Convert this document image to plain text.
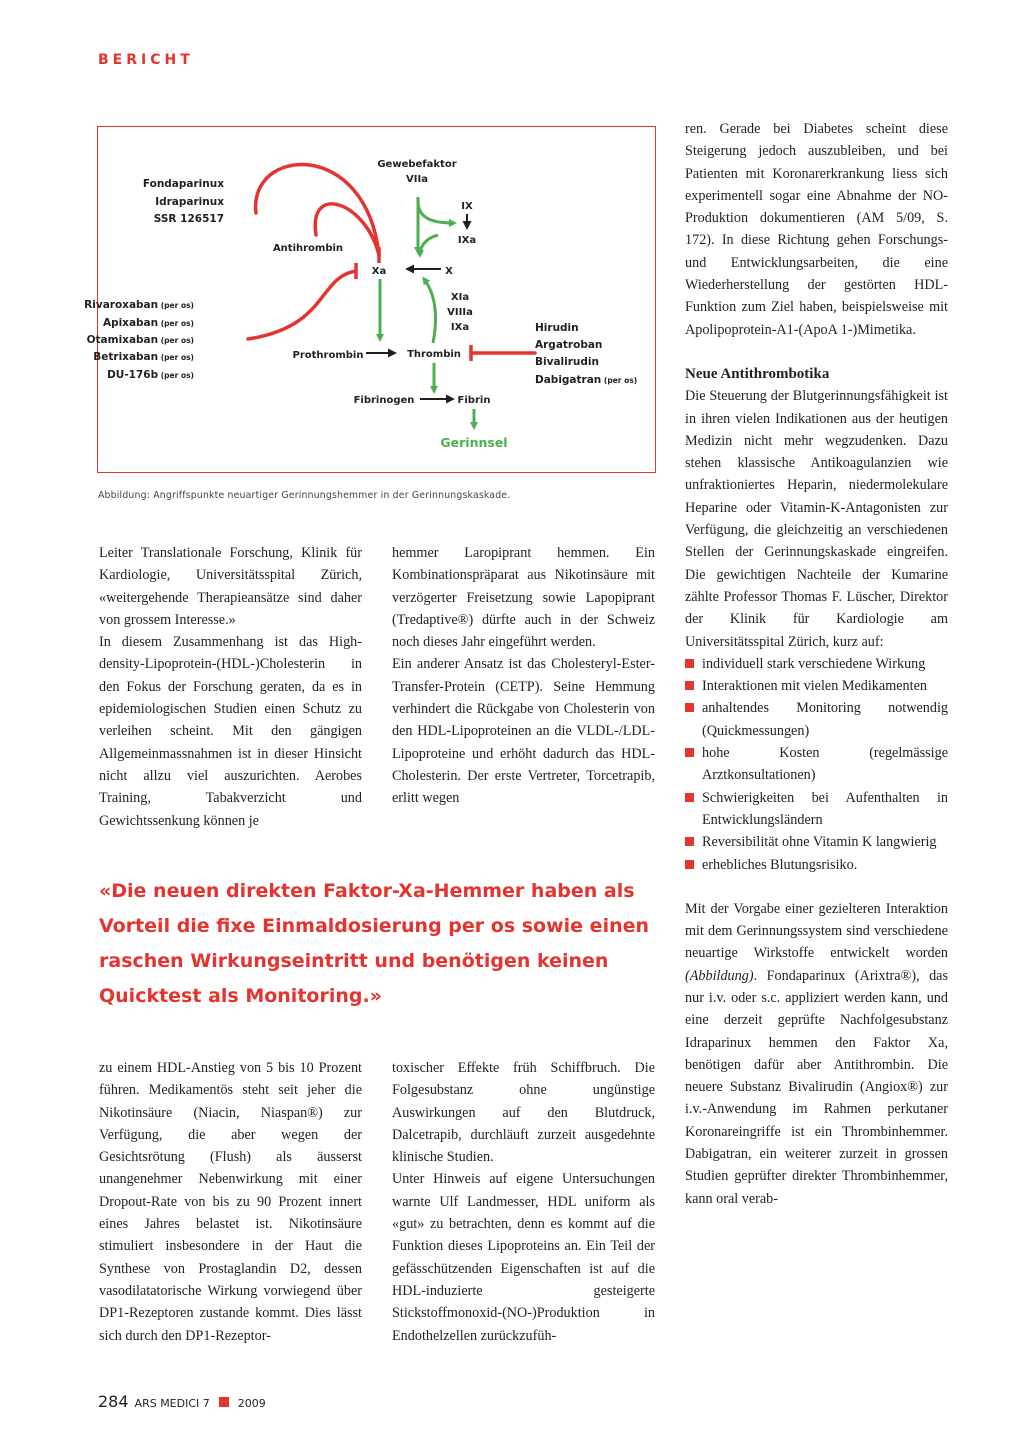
BERICHT
Gewebefaktor
VIIa
IX
IXa
Xa	X
XIa
VIIIa
IXa
Antihrombin
Prothrombin	Thrombin
Fibrinogen	Fibrin
Gerinnsel
Fondaparinux
Idraparinux
SSR 126517
Rivaroxaban (per os)
Apixaban (per os)
Otamixaban (per os)
Betrixaban (per os)
DU-176b (per os)
Hirudin
Argatroban
Bivalirudin
Dabigatran (per os)
Abbildung: Angriffspunkte neuartiger Gerinnungshemmer in der Gerinnungskaskade.

Leiter Translationale Forschung, Klinik für Kardiologie, Universitätsspital Zürich, «weitergehende Therapieansätze sind daher von grossem Interesse.»

In diesem Zusammenhang ist das High-density-Lipoprotein-(HDL-)Cholesterin in den Fokus der Forschung geraten, da es in epidemiologischen Studien einen Schutz zu verleihen scheint. Mit den gängigen Allgemeinmassnahmen ist in dieser Hinsicht nicht allzu viel auszurichten. Aerobes Training, Tabakverzicht und Gewichtssenkung können je

hemmer Laropiprant hemmen. Ein Kombinationspräparat aus Nikotinsäure mit verzögerter Freisetzung sowie Lapopiprant (Tredaptive®) dürfte auch in der Schweiz noch dieses Jahr eingeführt werden.

Ein anderer Ansatz ist das Cholesteryl-Ester-Transfer-Protein (CETP). Seine Hemmung verhindert die Rückgabe von Cholesterin von den HDL-Lipoproteinen an die VLDL-/LDL-Lipoproteine und erhöht dadurch das HDL-Cholesterin. Der erste Vertreter, Torcetrapib, erlitt wegen

«Die neuen direkten Faktor-Xa-Hemmer haben als Vorteil die fixe Einmaldosierung per os sowie einen raschen Wirkungseintritt und benötigen keinen Quicktest als Monitoring.»

zu einem HDL-Anstieg von 5 bis 10 Prozent führen. Medikamentös steht seit jeher die Nikotinsäure (Niacin, Niaspan®) zur Verfügung, die aber wegen der Gesichtsrötung (Flush) als äusserst unangenehmer Nebenwirkung mit einer Dropout-Rate von bis zu 90 Prozent innert eines Jahres belastet ist. Nikotinsäure stimuliert insbesondere in der Haut die Synthese von Prostaglandin D2, dessen vasodilatatorische Wirkung vorwiegend über DP1-Rezeptoren zustande kommt. Dies lässt sich durch den DP1-Rezeptor-

toxischer Effekte früh Schiffbruch. Die Folgesubstanz ohne ungünstige Auswirkungen auf den Blutdruck, Dalcetrapib, durchläuft zurzeit ausgedehnte klinische Studien.

Unter Hinweis auf eigene Untersuchungen warnte Ulf Landmesser, HDL uniform als «gut» zu betrachten, denn es kommt auf die Funktion dieses Lipoproteins an. Ein Teil der gefässchützenden Eigenschaften ist auf die HDL-induzierte gesteigerte Stickstoffmonoxid-(NO-)Produktion in Endothelzellen zurückzufüh-

ren. Gerade bei Diabetes scheint diese Steigerung jedoch auszubleiben, und bei Patienten mit Koronarerkrankung liess sich experimentell sogar eine Abnahme der NO-Produktion dokumentieren (AM 5/09, S. 172). In diese Richtung gehen Forschungs- und Entwicklungsarbeiten, die eine Wiederherstellung der gestörten HDL-Funktion zum Ziel haben, beispielsweise mit Apolipoprotein-A1-(ApoA 1-)Mimetika.

Neue Antithrombotika

Die Steuerung der Blutgerinnungsfähigkeit ist in ihren vielen Indikationen aus der heutigen Medizin nicht mehr wegzudenken. Dazu stehen klassische Antikoagulanzien wie unfraktioniertes Heparin, niedermolekulare Heparine oder Vitamin-K-Antagonisten zur Verfügung, die gleichzeitig an verschiedenen Stellen der Gerinnungskaskade eingreifen. Die gewichtigen Nachteile der Kumarine zählte Professor Thomas F. Lüscher, Direktor der Klinik für Kardiologie am Universitätsspital Zürich, kurz auf:

individuell stark verschiedene Wirkung
Interaktionen mit vielen Medikamenten
anhaltendes Monitoring notwendig (Quickmessungen)
hohe Kosten (regelmässige Arztkonsultationen)
Schwierigkeiten bei Aufenthalten in Entwicklungsländern
Reversibilität ohne Vitamin K langwierig
erhebliches Blutungsrisiko.

Mit der Vorgabe einer gezielteren Interaktion mit dem Gerinnungssystem sind verschiedene neuartige Wirkstoffe entwickelt worden (Abbildung). Fondaparinux (Arixtra®), das nur i.v. oder s.c. appliziert werden kann, und eine derzeit geprüfte Nachfolgesubstanz Idraparinux hemmen den Faktor Xa, benötigen dafür aber Antithrombin. Die neuere Substanz Bivalirudin (Angiox®) zur i.v.-Anwendung im Rahmen perkutaner Koronareingriffe ist ein Thrombinhemmer. Dabigatran, ein weiterer zurzeit in grossen Studien geprüfter direkter Thrombinhemmer, kann oral verab-

284 ARS MEDICI 7	2009
